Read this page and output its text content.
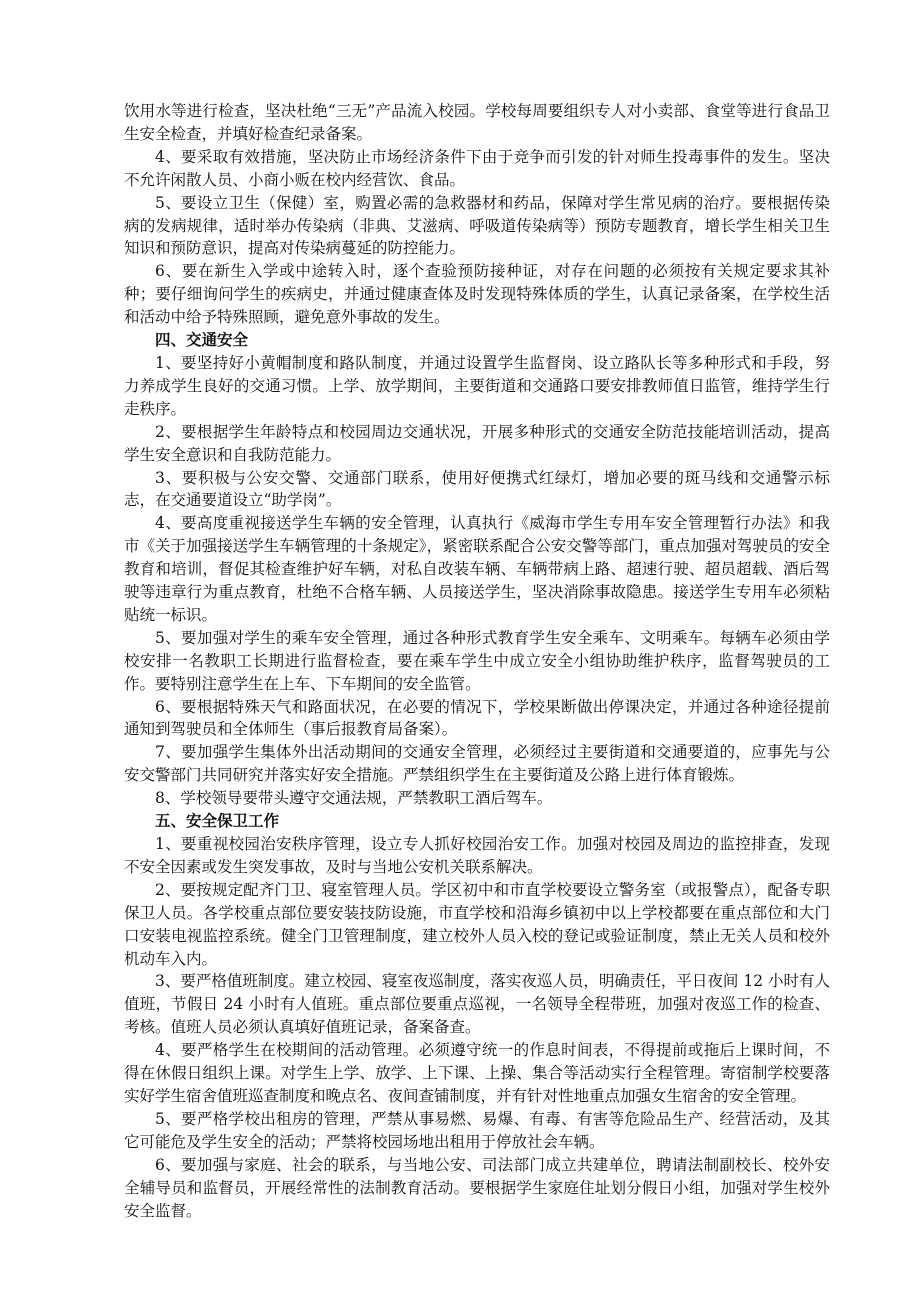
饮用水等进行检查，坚决杜绝“三无”产品流入校园。学校每周要组织专人对小卖部、食堂等进行食品卫生安全检查，并填好检查纪录备案。

4、要采取有效措施，坚决防止市场经济条件下由于竞争而引发的针对师生投毒事件的发生。坚决不允许闲散人员、小商小贩在校内经营饮、食品。

5、要设立卫生（保健）室，购置必需的急救器材和药品，保障对学生常见病的治疗。要根据传染病的发病规律，适时举办传染病（非典、艾滋病、呼吸道传染病等）预防专题教育，增长学生相关卫生知识和预防意识，提高对传染病蔓延的防控能力。

6、要在新生入学或中途转入时，逐个查验预防接种证，对存在问题的必须按有关规定要求其补种；要仔细询问学生的疾病史，并通过健康查体及时发现特殊体质的学生，认真记录备案，在学校生活和活动中给予特殊照顾，避免意外事故的发生。

四、交通安全

1、要坚持好小黄帽制度和路队制度，并通过设置学生监督岗、设立路队长等多种形式和手段，努力养成学生良好的交通习惯。上学、放学期间，主要街道和交通路口要安排教师值日监管，维持学生行走秩序。

2、要根据学生年龄特点和校园周边交通状况，开展多种形式的交通安全防范技能培训活动，提高学生安全意识和自我防范能力。

3、要积极与公安交警、交通部门联系，使用好便携式红绿灯，增加必要的斑马线和交通警示标志，在交通要道设立“助学岗”。

4、要高度重视接送学生车辆的安全管理，认真执行《威海市学生专用车安全管理暂行办法》和我市《关于加强接送学生车辆管理的十条规定》，紧密联系配合公安交警等部门，重点加强对驾驶员的安全教育和培训，督促其检查维护好车辆，对私自改装车辆、车辆带病上路、超速行驶、超员超载、酒后驾驶等违章行为重点教育，杜绝不合格车辆、人员接送学生，坚决消除事故隐患。接送学生专用车必须粘贴统一标识。

5、要加强对学生的乘车安全管理，通过各种形式教育学生安全乘车、文明乘车。每辆车必须由学校安排一名教职工长期进行监督检查，要在乘车学生中成立安全小组协助维护秩序，监督驾驶员的工作。要特别注意学生在上车、下车期间的安全监管。

6、要根据特殊天气和路面状况，在必要的情况下，学校果断做出停课决定，并通过各种途径提前通知到驾驶员和全体师生（事后报教育局备案）。

7、要加强学生集体外出活动期间的交通安全管理，必须经过主要街道和交通要道的，应事先与公安交警部门共同研究并落实好安全措施。严禁组织学生在主要街道及公路上进行体育锻炼。

8、学校领导要带头遵守交通法规，严禁教职工酒后驾车。

五、安全保卫工作

1、要重视校园治安秩序管理，设立专人抓好校园治安工作。加强对校园及周边的监控排查，发现不安全因素或发生突发事故，及时与当地公安机关联系解决。

2、要按规定配齐门卫、寝室管理人员。学区初中和市直学校要设立警务室（或报警点），配备专职保卫人员。各学校重点部位要安装技防设施，市直学校和沿海乡镇初中以上学校都要在重点部位和大门口安装电视监控系统。健全门卫管理制度，建立校外人员入校的登记或验证制度，禁止无关人员和校外机动车入内。

3、要严格值班制度。建立校园、寝室夜巡制度，落实夜巡人员，明确责任，平日夜间 12 小时有人值班，节假日 24 小时有人值班。重点部位要重点巡视，一名领导全程带班，加强对夜巡工作的检查、考核。值班人员必须认真填好值班记录，备案备查。

4、要严格学生在校期间的活动管理。必须遵守统一的作息时间表，不得提前或拖后上课时间，不得在休假日组织上课。对学生上学、放学、上下课、上操、集合等活动实行全程管理。寄宿制学校要落实好学生宿舍值班巡查制度和晚点名、夜间查铺制度，并有针对性地重点加强女生宿舍的安全管理。

5、要严格学校出租房的管理，严禁从事易燃、易爆、有毒、有害等危险品生产、经营活动，及其它可能危及学生安全的活动；严禁将校园场地出租用于停放社会车辆。

6、要加强与家庭、社会的联系，与当地公安、司法部门成立共建单位，聘请法制副校长、校外安全辅导员和监督员，开展经常性的法制教育活动。要根据学生家庭住址划分假日小组，加强对学生校外安全监督。
